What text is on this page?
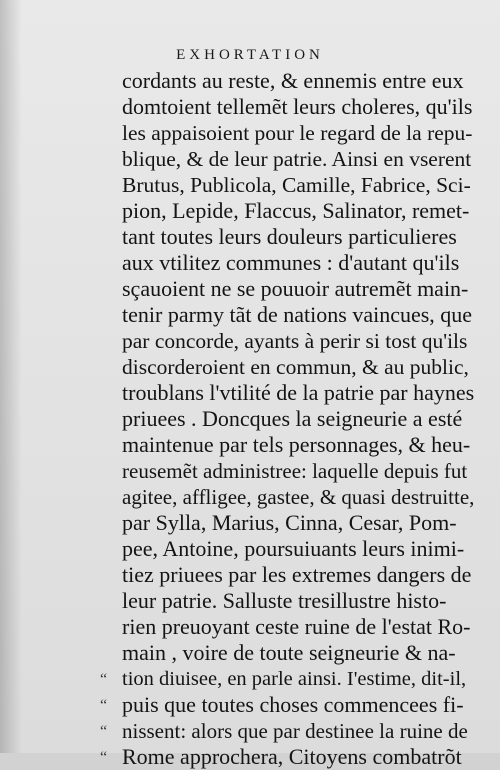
EXHORTATION
cordants au reste, & ennemis entre eux
domtoient tellemẽt leurs choleres, qu'ils
les appaisoient pour le regard de la repu-
blique, & de leur patrie. Ainsi en vserent
Brutus, Publicola, Camille, Fabrice, Sci-
pion, Lepide, Flaccus, Salinator, remet-
tant toutes leurs douleurs particulieres
aux vtilitez communes : d'autant qu'ils
sçauoient ne se pouuoir autremẽt main-
tenir parmy tãt de nations vaincues, que
par concorde, ayants à perir si tost qu'ils
discorderoient en commun, & au public,
troublans l'vtilité de la patrie par haynes
priuees . Doncques la seigneurie a esté
maintenue par tels personnages, & heu-
reusemẽt administree: laquelle depuis fut
agitee, affligee, gastee, & quasi destruitte,
par Sylla, Marius, Cinna, Cesar, Pom-
pee, Antoine, poursuiuants leurs inimi-
tiez priuees par les extremes dangers de
leur patrie. Salluste tresillustre histo-
rien preuoyant ceste ruine de l'estat Ro-
main , voire de toute seigneurie & na-
tion diuisee, en parle ainsi. I'estime, dit-il,
puis que toutes choses commencees fi-
nissent: alors que par destinee la ruine de
Rome approchera, Citoyens combatrõt
“
“
“
“
